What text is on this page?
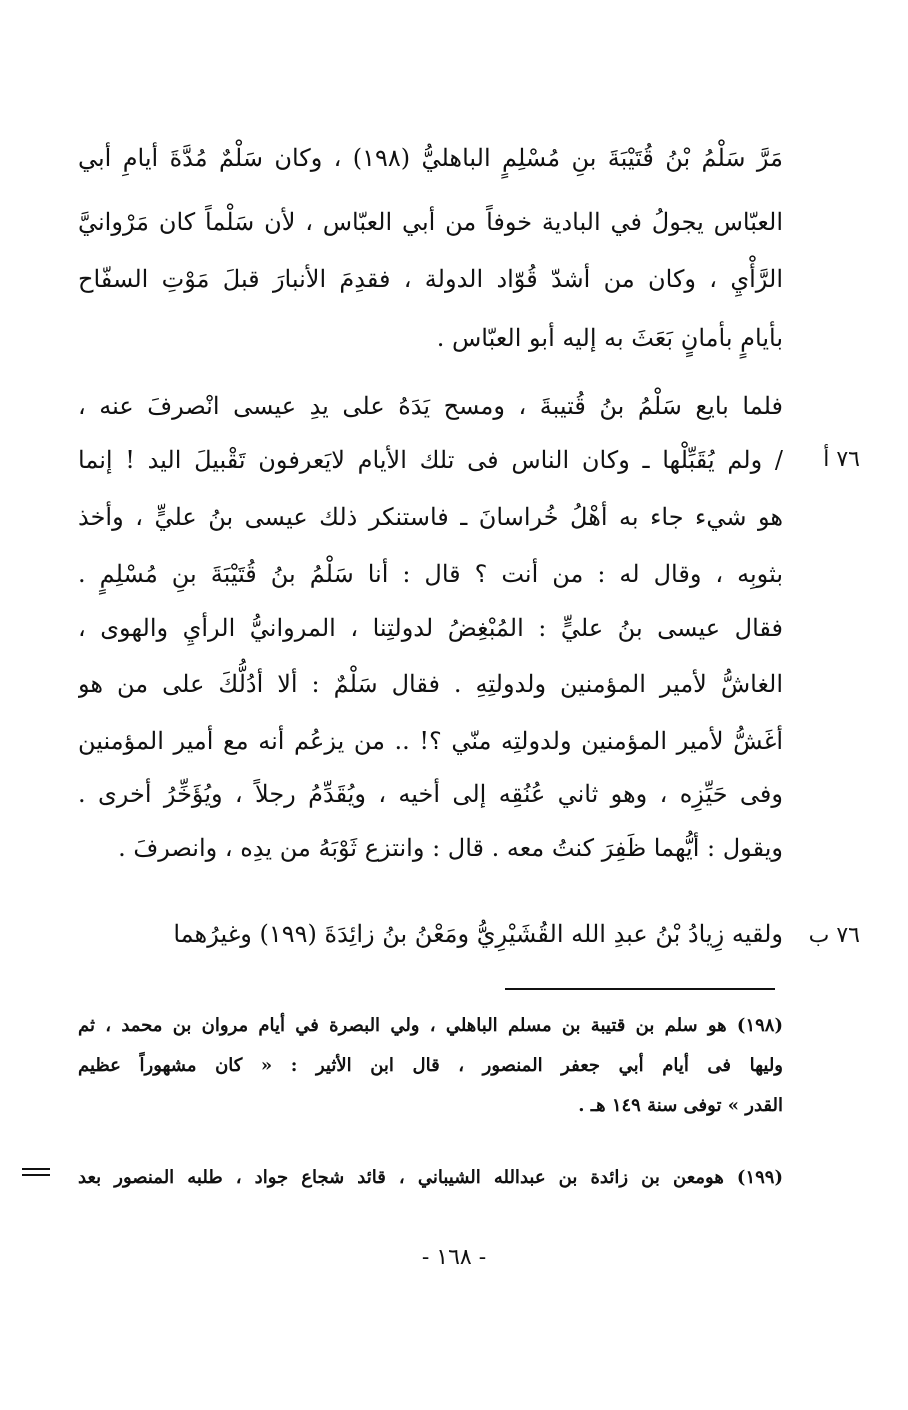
مَرَّ سَلْمُ بْنُ قُتَيْبَةَ بنِ مُسْلِمٍ الباهليُّ (١٩٨) ، وكان سَلْمٌ مُدَّةَ أيامِ أبي
العبّاس يجولُ في البادية خوفاً من أبي العبّاس ، لأن سَلْماً كان مَرْوانيَّ
الرَّأْيِ ، وكان من أشدّ قُوّاد الدولة ، فقدِمَ الأنبارَ قبلَ مَوْتِ السفّاح
بأيامٍ بأمانٍ بَعَثَ به إليه أبو العبّاس .
فلما بايع سَلْمُ بنُ قُتيبةَ ، ومسح يَدَهُ على يدِ عيسى انْصرفَ عنه ،
٧٦ أ
/ ولم يُقَبِّلْها ـ وكان الناس فى تلك الأيام لايَعرفون تَقْبيلَ اليد ! إنما
هو شيء جاء به أهْلُ خُراسانَ ـ فاستنكر ذلك عيسى بنُ عليٍّ ، وأخذ
بثوبِه ، وقال له : من أنت ؟ قال : أنا سَلْمُ بنُ قُتَيْبَةَ بنِ مُسْلِمٍ .
فقال عيسى بنُ عليٍّ : المُبْغِضُ لدولتِنا ، المروانيُّ الرأيِ والهوى ،
الغاشُّ لأمير المؤمنين ولدولتِهِ . فقال سَلْمٌ : ألا أدُلُّكَ على من هو
أغَشُّ لأمير المؤمنين ولدولتِه منّي ؟! .. من يزعُم أنه مع أمير المؤمنين
وفى حَيِّزِه ، وهو ثاني عُنُقِه إلى أخيه ، ويُقَدِّمُ رجلاً ، ويُؤَخِّرُ أخرى .
ويقول : أيُّهما ظَفِرَ كنتُ معه . قال : وانتزع ثَوْبَهُ من يدِه ، وانصرفَ .
٧٦ ب
ولقيه زِيادُ بْنُ عبدِ الله القُشَيْرِيُّ ومَعْنُ بنُ زائِدَةَ (١٩٩) وغيرُهما
(١٩٨) هو سلم بن قتيبة بن مسلم الباهلي ، ولي البصرة في أيام مروان بن محمد ، ثم
وليها فى أيام أبي جعفر المنصور ، قال ابن الأثير : « كان مشهوراً عظيم
القدر » توفى سنة ١٤٩ هـ .
(١٩٩) هومعن بن زائدة بن عبدالله الشيباني ، قائد شجاع جواد ، طلبه المنصور بعد
- ١٦٨ -
